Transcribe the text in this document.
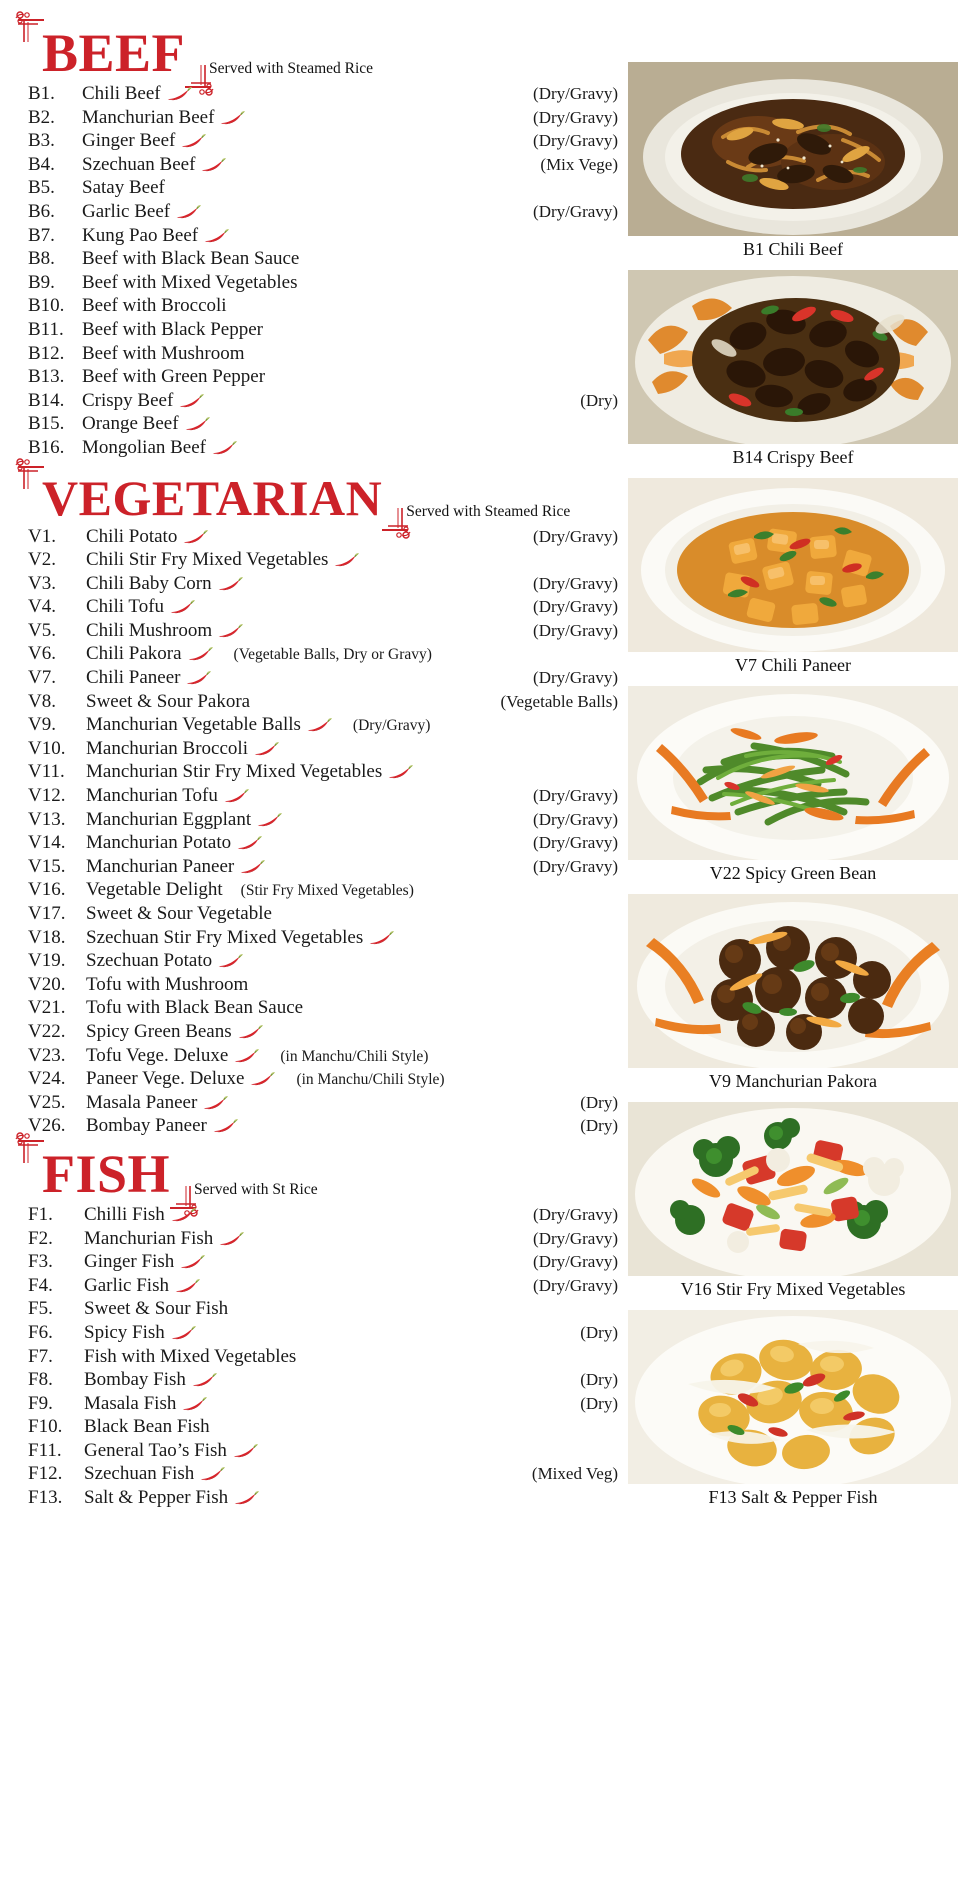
BEEF	Served with Steamed Rice
B1.	Chili Beef	(Dry/Gravy)
B2.	Manchurian Beef	(Dry/Gravy)
B3.	Ginger Beef	(Dry/Gravy)
B4.	Szechuan Beef	(Mix Vege)
B5.	Satay Beef
B6.	Garlic Beef	(Dry/Gravy)
B7.	Kung Pao Beef
B8.	Beef with Black Bean Sauce
B9.	Beef with Mixed Vegetables
B10. Beef with Broccoli
B11. Beef with Black Pepper
B12. Beef with Mushroom
B13. Beef with Green Pepper
B14. Crispy Beef	(Dry)
B15. Orange Beef
B16. Mongolian Beef
VEGETARIAN	Served with Steamed Rice
V1.	Chili Potato	(Dry/Gravy)
V2.	Chili Stir Fry Mixed Vegetables
V3.	Chili Baby Corn	(Dry/Gravy)
V4.	Chili Tofu	(Dry/Gravy)
V5.	Chili Mushroom	(Dry/Gravy)
V6.	Chili Pakora	(Vegetable Balls, Dry or Gravy)
V7.	Chili Paneer	(Dry/Gravy)
V8.	Sweet & Sour Pakora	(Vegetable Balls)
V9.	Manchurian Vegetable Balls	(Dry/Gravy)
V10.	Manchurian Broccoli
V11.	Manchurian Stir Fry Mixed Vegetables
V12.	Manchurian Tofu	(Dry/Gravy)
V13.	Manchurian Eggplant	(Dry/Gravy)
V14.	Manchurian Potato	(Dry/Gravy)
V15.	Manchurian Paneer	(Dry/Gravy)
V16.	Vegetable Delight	(Stir Fry Mixed Vegetables)
V17.	Sweet & Sour Vegetable
V18.	Szechuan Stir Fry Mixed Vegetables
V19.	Szechuan Potato
V20.	Tofu with Mushroom
V21.	Tofu with Black Bean Sauce
V22.	Spicy Green Beans
V23.	Tofu Vege. Deluxe	(in Manchu/Chili Style)
V24.	Paneer Vege. Deluxe	(in Manchu/Chili Style)
V25.	Masala Paneer	(Dry)
V26.	Bombay Paneer	(Dry)
FISH	Served with St Rice
F1.	Chilli Fish	(Dry/Gravy)
F2.	Manchurian Fish	(Dry/Gravy)
F3.	Ginger Fish	(Dry/Gravy)
F4.	Garlic Fish	(Dry/Gravy)
F5.	Sweet & Sour Fish
F6.	Spicy Fish	(Dry)
F7.	Fish with Mixed Vegetables
F8.	Bombay Fish	(Dry)
F9.	Masala Fish	(Dry)
F10.	Black Bean Fish
F11.	General Tao’s Fish
F12.	Szechuan Fish	(Mixed Veg)
F13.	Salt & Pepper Fish
B1 Chili Beef
B14 Crispy Beef
V7 Chili Paneer
V22 Spicy Green Bean
V9 Manchurian Pakora
V16 Stir Fry Mixed Vegetables
F13 Salt & Pepper Fish
